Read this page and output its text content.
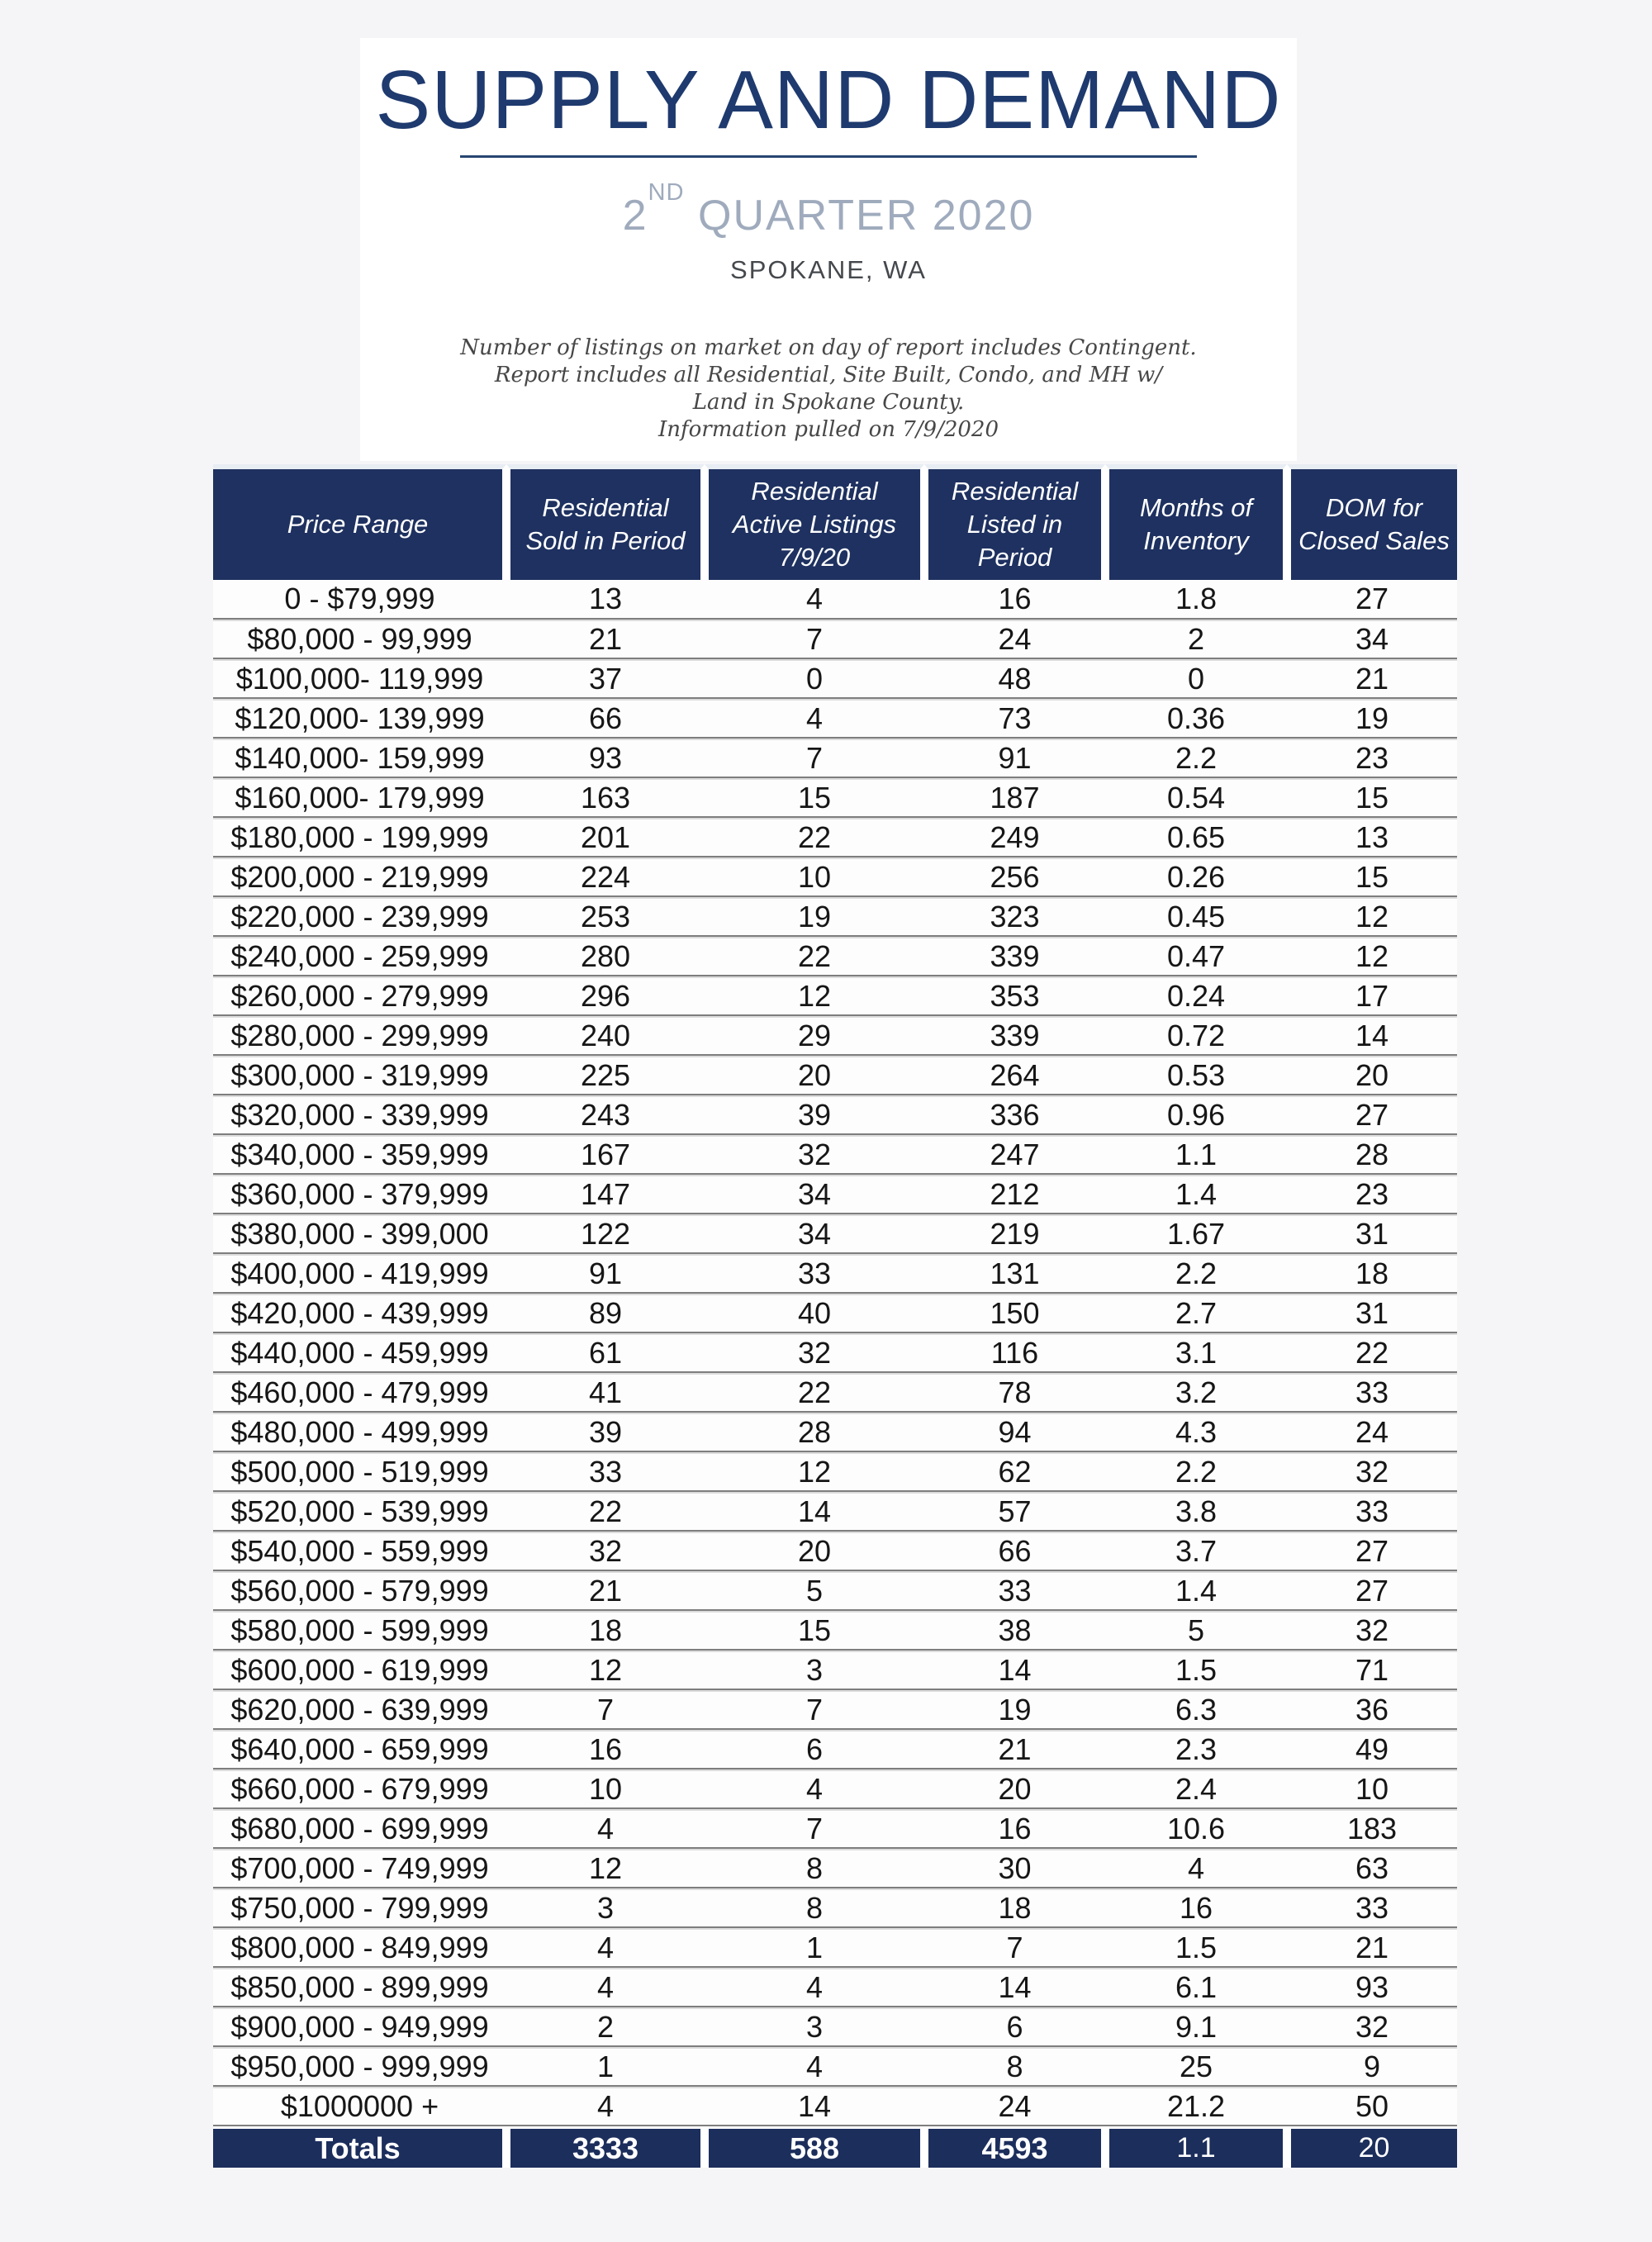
SUPPLY AND DEMAND
2ND QUARTER 2020
SPOKANE, WA
Number of listings on market on day of report includes Contingent.
Report includes all Residential, Site Built, Condo, and MH w/
Land in Spokane County.
Information pulled on 7/9/2020
Price Range	Residential Sold in Period	Residential Active Listings 7/9/20	Residential Listed in Period	Months of Inventory	DOM for Closed Sales
0 - $79,999	13	4	16	1.8	27
$80,000 - 99,999	21	7	24	2	34
$100,000- 119,999	37	0	48	0	21
$120,000- 139,999	66	4	73	0.36	19
$140,000- 159,999	93	7	91	2.2	23
$160,000- 179,999	163	15	187	0.54	15
$180,000 - 199,999	201	22	249	0.65	13
$200,000 - 219,999	224	10	256	0.26	15
$220,000 - 239,999	253	19	323	0.45	12
$240,000 - 259,999	280	22	339	0.47	12
$260,000 - 279,999	296	12	353	0.24	17
$280,000 - 299,999	240	29	339	0.72	14
$300,000 - 319,999	225	20	264	0.53	20
$320,000 - 339,999	243	39	336	0.96	27
$340,000 - 359,999	167	32	247	1.1	28
$360,000 - 379,999	147	34	212	1.4	23
$380,000 - 399,000	122	34	219	1.67	31
$400,000 - 419,999	91	33	131	2.2	18
$420,000 - 439,999	89	40	150	2.7	31
$440,000 - 459,999	61	32	116	3.1	22
$460,000 - 479,999	41	22	78	3.2	33
$480,000 - 499,999	39	28	94	4.3	24
$500,000 - 519,999	33	12	62	2.2	32
$520,000 - 539,999	22	14	57	3.8	33
$540,000 - 559,999	32	20	66	3.7	27
$560,000 - 579,999	21	5	33	1.4	27
$580,000 - 599,999	18	15	38	5	32
$600,000 - 619,999	12	3	14	1.5	71
$620,000 - 639,999	7	7	19	6.3	36
$640,000 - 659,999	16	6	21	2.3	49
$660,000 - 679,999	10	4	20	2.4	10
$680,000 - 699,999	4	7	16	10.6	183
$700,000 - 749,999	12	8	30	4	63
$750,000 - 799,999	3	8	18	16	33
$800,000 - 849,999	4	1	7	1.5	21
$850,000 - 899,999	4	4	14	6.1	93
$900,000 - 949,999	2	3	6	9.1	32
$950,000 - 999,999	1	4	8	25	9
$1000000 +	4	14	24	21.2	50
Totals	3333	588	4593	1.1	20
